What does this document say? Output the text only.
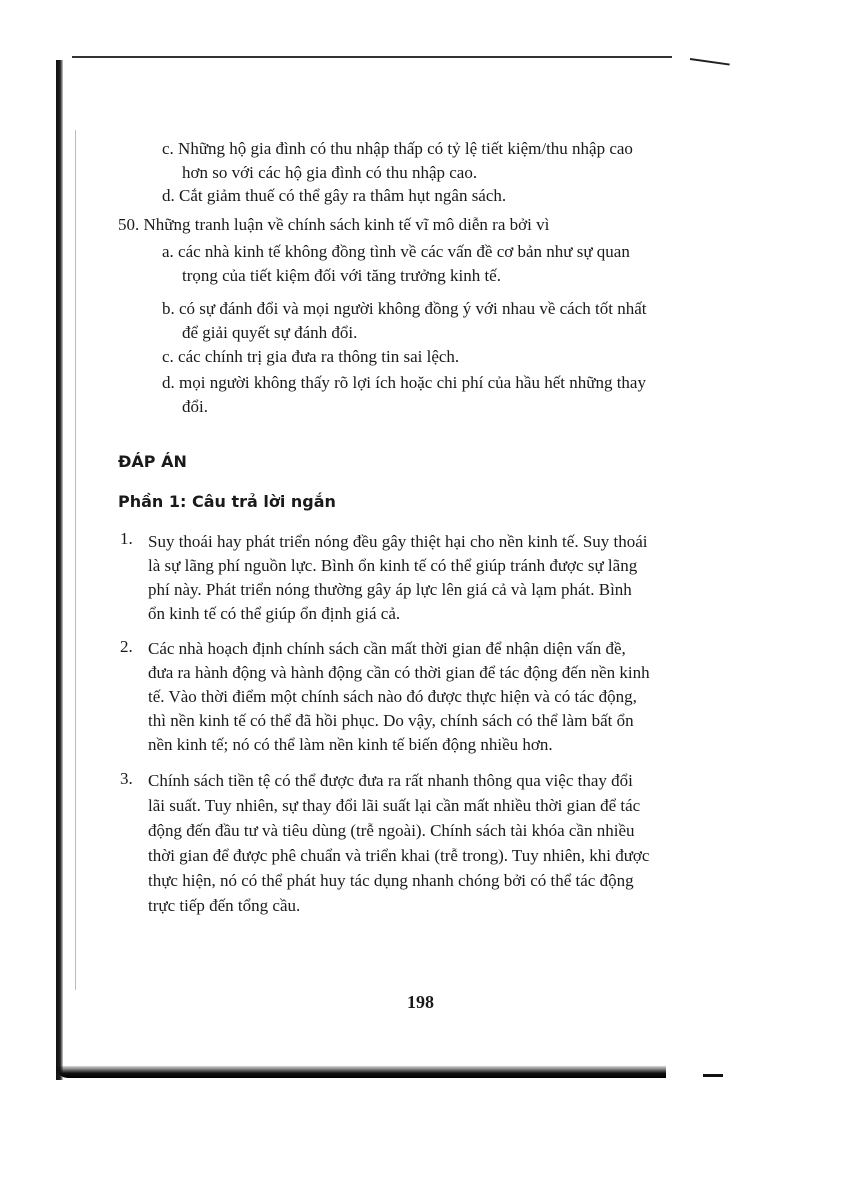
c. Những hộ gia đình có thu nhập thấp có tỷ lệ tiết kiệm/thu nhập cao
hơn so với các hộ gia đình có thu nhập cao.
d. Cắt giảm thuế có thể gây ra thâm hụt ngân sách.
50. Những tranh luận về chính sách kinh tế vĩ mô diễn ra bởi vì
a. các nhà kinh tế không đồng tình về các vấn đề cơ bản như sự quan
trọng của tiết kiệm đối với tăng trưởng kinh tế.
b. có sự đánh đổi và mọi người không đồng ý với nhau về cách tốt nhất
để giải quyết sự đánh đổi.
c. các chính trị gia đưa ra thông tin sai lệch.
d. mọi người không thấy rõ lợi ích hoặc chi phí của hầu hết những thay
đổi.
ĐÁP ÁN
Phần 1: Câu trả lời ngắn
1. Suy thoái hay phát triển nóng đều gây thiệt hại cho nền kinh tế. Suy thoái
là sự lãng phí nguồn lực. Bình ổn kinh tế có thể giúp tránh được sự lãng
phí này. Phát triển nóng thường gây áp lực lên giá cả và lạm phát. Bình
ổn kinh tế có thể giúp ổn định giá cả.
2. Các nhà hoạch định chính sách cần mất thời gian để nhận diện vấn đề,
đưa ra hành động và hành động cần có thời gian để tác động đến nền kinh
tế. Vào thời điểm một chính sách nào đó được thực hiện và có tác động,
thì nền kinh tế có thể đã hồi phục. Do vậy, chính sách có thể làm bất ổn
nền kinh tế; nó có thể làm nền kinh tế biến động nhiều hơn.
3. Chính sách tiền tệ có thể được đưa ra rất nhanh thông qua việc thay đổi
lãi suất. Tuy nhiên, sự thay đổi lãi suất lại cần mất nhiều thời gian để tác
động đến đầu tư và tiêu dùng (trễ ngoài). Chính sách tài khóa cần nhiều
thời gian để được phê chuẩn và triển khai (trễ trong). Tuy nhiên, khi được
thực hiện, nó có thể phát huy tác dụng nhanh chóng bởi có thể tác động
trực tiếp đến tổng cầu.
198
